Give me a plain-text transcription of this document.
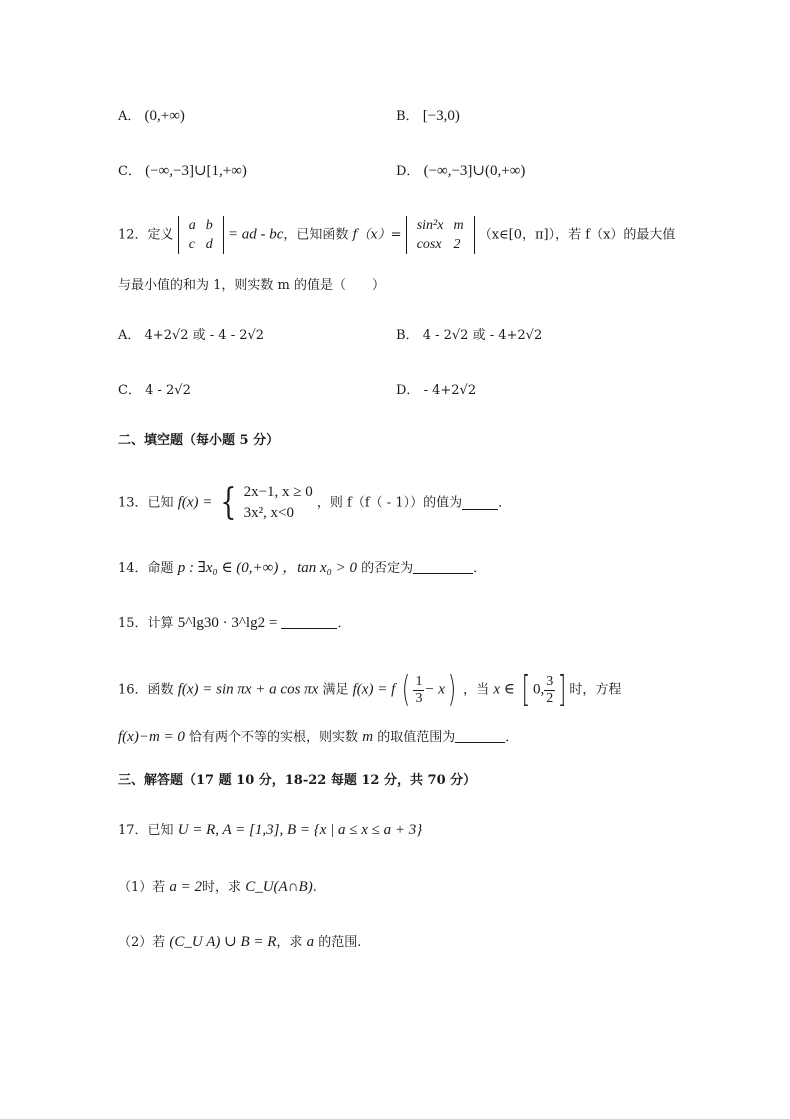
A． (0,+∞)	B． [−3,0)
C． (−∞,−3]∪[1,+∞)	D． (−∞,−3]∪(0,+∞)
12．定义
a	b
c	d
= ad - bc，已知函数 f（x）=
sin²x	m
cosx	2
（x∈[0，π]），若 f（x）的最大值
与最小值的和为 1，则实数 m 的值是（　　）
A． 4+2√2 或 - 4 - 2√2	B． 4 - 2√2 或 - 4+2√2
C． 4 - 2√2	D． - 4+2√2
二、填空题（每小题 5 分）
13．已知 f(x) = { 2x−1, x ≥ 0
3x², x<0
，则 f（f（ - 1））的值为	．
14．命题 p : ∃x₀ ∈ (0,+∞) ，tan x₀ > 0 的否定为	．
15．计算 5^lg30 · 3^lg2 =	．
16．函数 f(x) = sin πx + a cos πx 满足 f(x) = f ( $\frac{1}{3} - x$) ，当 x ∈ [ 0, $\frac{3}{2}$ ] 时，方程
f(x)−m = 0 恰有两个不等的实根，则实数 m 的取值范围为	．
三、解答题（17 题 10 分，18-22 每题 12 分，共 70 分）
17．已知 U = R, A = [1,3], B = {x | a ≤ x ≤ a + 3}
（1）若 a = 2时，求 C_U(A∩B).
（2）若 (C_U A) ∪ B = R，求 a 的范围.
